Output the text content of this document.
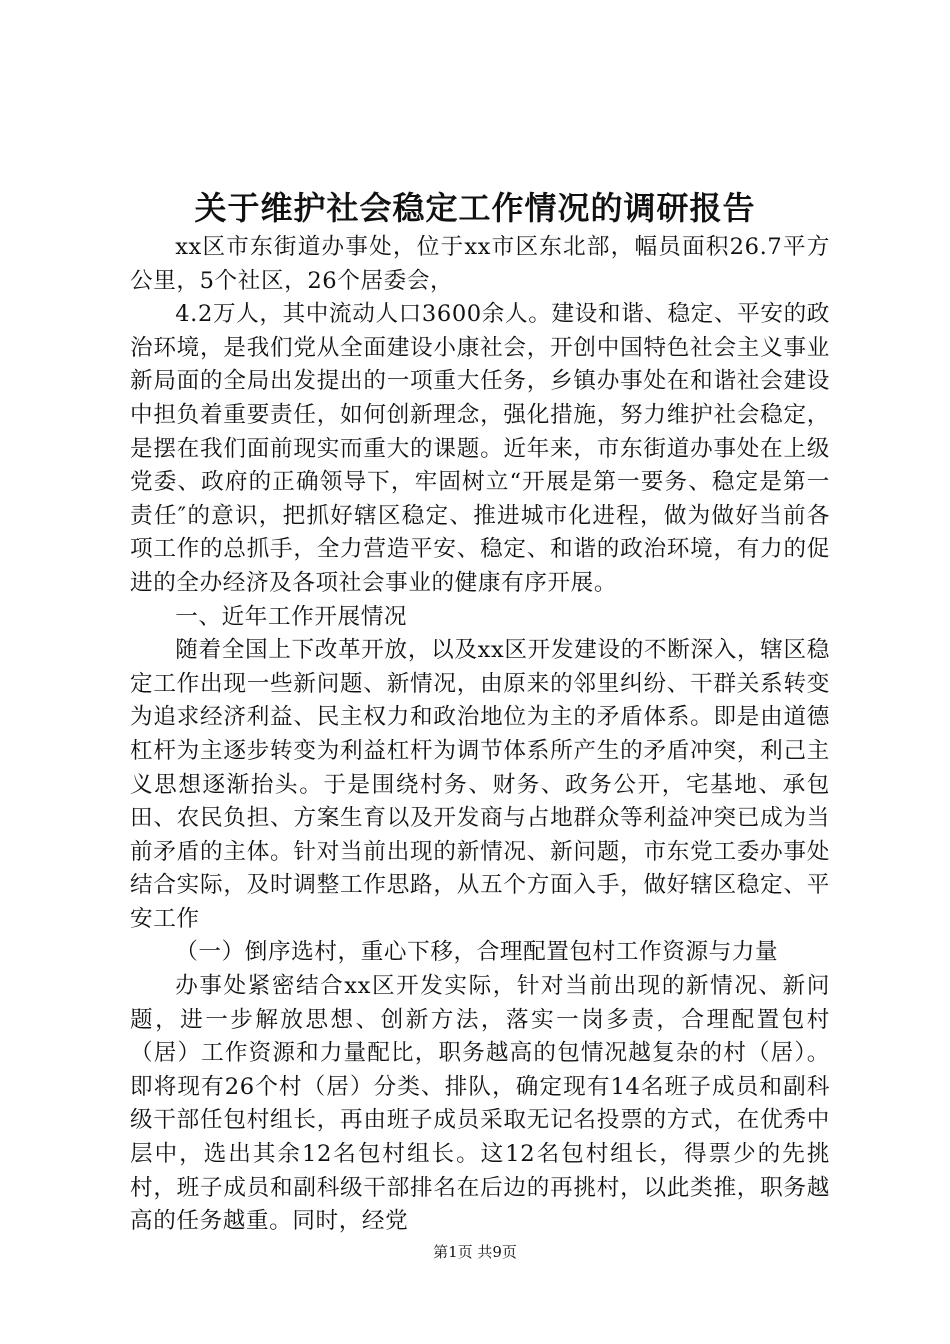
关于维护社会稳定工作情况的调研报告

xx区市东街道办事处，位于xx市区东北部，幅员面积26.7平方公里，5个社区，26个居委会，

4.2万人，其中流动人口3600余人。建设和谐、稳定、平安的政治环境，是我们党从全面建设小康社会，开创中国特色社会主义事业新局面的全局出发提出的一项重大任务，乡镇办事处在和谐社会建设中担负着重要责任，如何创新理念，强化措施，努力维护社会稳定，是摆在我们面前现实而重大的课题。近年来，市东街道办事处在上级党委、政府的正确领导下，牢固树立“开展是第一要务、稳定是第一责任″的意识，把抓好辖区稳定、推进城市化进程，做为做好当前各项工作的总抓手，全力营造平安、稳定、和谐的政治环境，有力的促进的全办经济及各项社会事业的健康有序开展。

一、近年工作开展情况

随着全国上下改革开放，以及xx区开发建设的不断深入，辖区稳定工作出现一些新问题、新情况，由原来的邻里纠纷、干群关系转变为追求经济利益、民主权力和政治地位为主的矛盾体系。即是由道德杠杆为主逐步转变为利益杠杆为调节体系所产生的矛盾冲突，利己主义思想逐渐抬头。于是围绕村务、财务、政务公开，宅基地、承包田、农民负担、方案生育以及开发商与占地群众等利益冲突已成为当前矛盾的主体。针对当前出现的新情况、新问题，市东党工委办事处结合实际，及时调整工作思路，从五个方面入手，做好辖区稳定、平安工作

（一）倒序选村，重心下移，合理配置包村工作资源与力量

办事处紧密结合xx区开发实际，针对当前出现的新情况、新问题，进一步解放思想、创新方法，落实一岗多责，合理配置包村（居）工作资源和力量配比，职务越高的包情况越复杂的村（居）。即将现有26个村（居）分类、排队，确定现有14名班子成员和副科级干部任包村组长，再由班子成员采取无记名投票的方式，在优秀中层中，选出其余12名包村组长。这12名包村组长，得票少的先挑村，班子成员和副科级干部排名在后边的再挑村，以此类推，职务越高的任务越重。同时，经党

第1页 共9页
